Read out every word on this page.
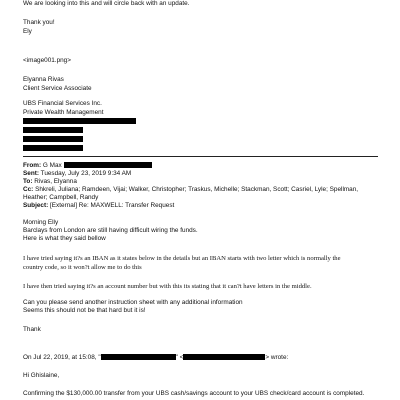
We are looking into this and will circle back with an update.
Thank you!
Ely
<image001.png>
Elyanna Rivas
Client Service Associate
UBS Financial Services Inc.
Private Wealth Management
From: G Max
Sent: Tuesday, July 23, 2019 9:34 AM
To: Rivas, Elyanna
Cc: Shkreli, Juliana; Ramdeen, Vijai; Walker, Christopher; Traskus, Michelle; Stackman, Scott; Casriel, Lyle; Spellman,
Heather; Campbell, Randy
Subject: [External] Re: MAXWELL: Transfer Request
Morning Elly
Barclays from London are still having difficult wiring the funds.
Here is what they said bellow
I have tried saying it?s an IBAN as it states below in the details but an IBAN starts with two letter which is normally the
country code, so it won?t allow me to do this
I have then tried saying it?s an account number but with this its stating that it can?t have letters in the middle.
Can you please send another instruction sheet with any additional information
Seems this should not be that hard but it is!
Thank
On Jul 22, 2019, at 15:08, "	" <	> wrote:
Hi Ghislaine,
Confirming the $130,000.00 transfer from your UBS cash/savings account to your UBS check/card account is completed.
